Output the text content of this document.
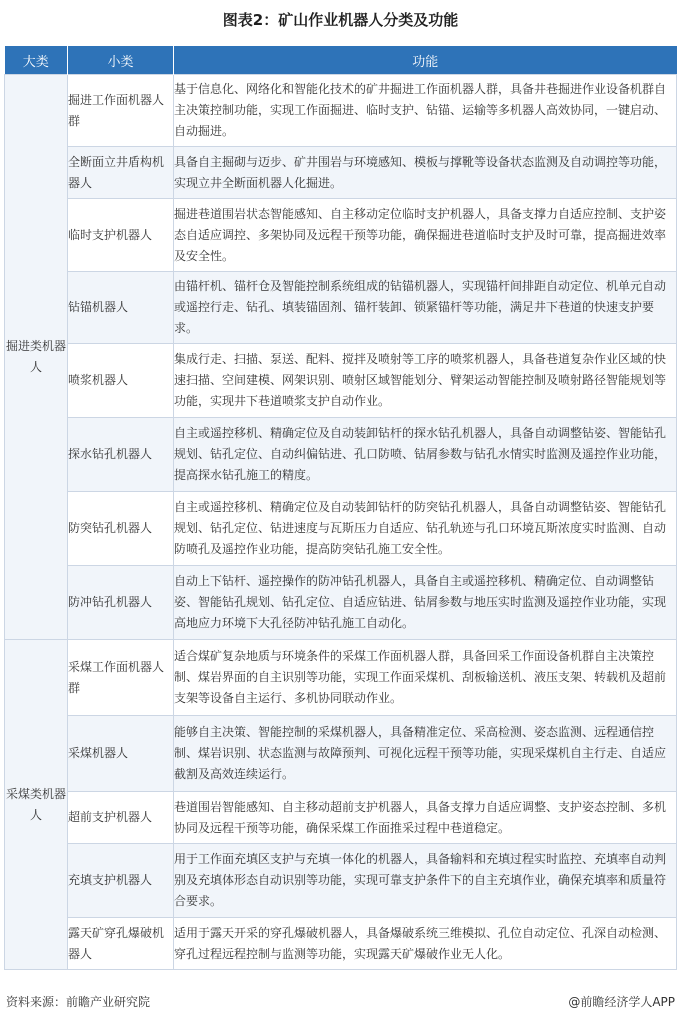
图表2：矿山作业机器人分类及功能
大类	小类	功能
掘进类机器人	掘进工作面机器人群	基于信息化、网络化和智能化技术的矿井掘进工作面机器人群，具备井巷掘进作业设备机群自主决策控制功能，实现工作面掘进、临时支护、钻锚、运输等多机器人高效协同，一键启动、自动掘进。
	全断面立井盾构机器人	具备自主掘砌与迈步、矿井围岩与环境感知、模板与撑靴等设备状态监测及自动调控等功能，实现立井全断面机器人化掘进。
	临时支护机器人	掘进巷道围岩状态智能感知、自主移动定位临时支护机器人，具备支撑力自适应控制、支护姿态自适应调控、多架协同及远程干预等功能，确保掘进巷道临时支护及时可靠，提高掘进效率及安全性。
	钻锚机器人	由锚杆机、锚杆仓及智能控制系统组成的钻锚机器人，实现锚杆间排距自动定位、机单元自动或遥控行走、钻孔、填装锚固剂、锚杆装卸、锁紧锚杆等功能，满足井下巷道的快速支护要求。
	喷浆机器人	集成行走、扫描、泵送、配料、搅拌及喷射等工序的喷浆机器人，具备巷道复杂作业区域的快速扫描、空间建模、网架识别、喷射区域智能划分、臂架运动智能控制及喷射路径智能规划等功能，实现井下巷道喷浆支护自动作业。
	探水钻孔机器人	自主或遥控移机、精确定位及自动装卸钻杆的探水钻孔机器人，具备自动调整钻姿、智能钻孔规划、钻孔定位、自动纠偏钻进、孔口防喷、钻屑参数与钻孔水情实时监测及遥控作业功能，提高探水钻孔施工的精度。
	防突钻孔机器人	自主或遥控移机、精确定位及自动装卸钻杆的防突钻孔机器人，具备自动调整钻姿、智能钻孔规划、钻孔定位、钻进速度与瓦斯压力自适应、钻孔轨迹与孔口环境瓦斯浓度实时监测、自动防喷孔及遥控作业功能，提高防突钻孔施工安全性。
	防冲钻孔机器人	自动上下钻杆、遥控操作的防冲钻孔机器人，具备自主或遥控移机、精确定位、自动调整钻姿、智能钻孔规划、钻孔定位、自适应钻进、钻屑参数与地压实时监测及遥控作业功能，实现高地应力环境下大孔径防冲钻孔施工自动化。
采煤类机器人	采煤工作面机器人群	适合煤矿复杂地质与环境条件的采煤工作面机器人群，具备回采工作面设备机群自主决策控制、煤岩界面的自主识别等功能，实现工作面采煤机、刮板输送机、液压支架、转载机及超前支架等设备自主运行、多机协同联动作业。
	采煤机器人	能够自主决策、智能控制的采煤机器人，具备精准定位、采高检测、姿态监测、远程通信控制、煤岩识别、状态监测与故障预判、可视化远程干预等功能，实现采煤机自主行走、自适应截割及高效连续运行。
	超前支护机器人	巷道围岩智能感知、自主移动超前支护机器人，具备支撑力自适应调整、支护姿态控制、多机协同及远程干预等功能，确保采煤工作面推采过程中巷道稳定。
	充填支护机器人	用于工作面充填区支护与充填一体化的机器人，具备输料和充填过程实时监控、充填率自动判别及充填体形态自动识别等功能，实现可靠支护条件下的自主充填作业，确保充填率和质量符合要求。
	露天矿穿孔爆破机器人	适用于露天开采的穿孔爆破机器人，具备爆破系统三维模拟、孔位自动定位、孔深自动检测、穿孔过程远程控制与监测等功能，实现露天矿爆破作业无人化。
资料来源：前瞻产业研究院	@前瞻经济学人APP
